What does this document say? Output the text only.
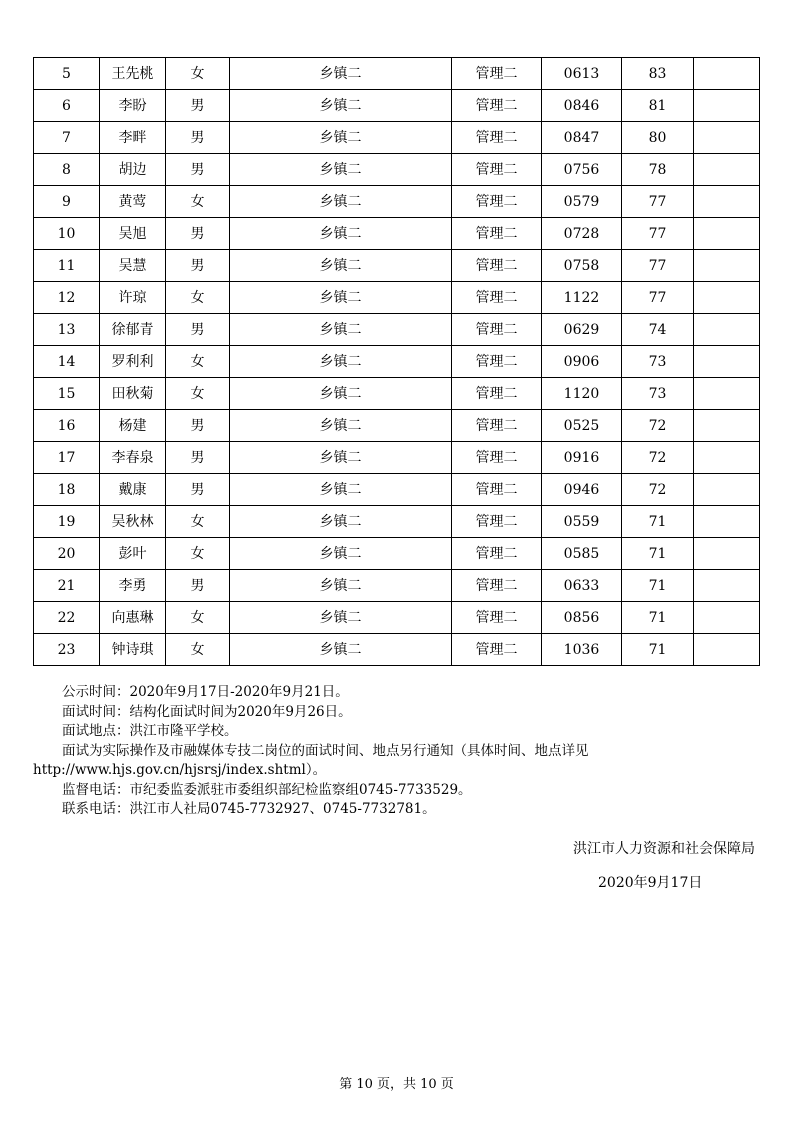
5	王先桃	女	乡镇二	管理二	0613	83	
6	李盼	男	乡镇二	管理二	0846	81	
7	李畔	男	乡镇二	管理二	0847	80	
8	胡边	男	乡镇二	管理二	0756	78	
9	黄莺	女	乡镇二	管理二	0579	77	
10	吴旭	男	乡镇二	管理二	0728	77	
11	吴慧	男	乡镇二	管理二	0758	77	
12	许琼	女	乡镇二	管理二	1122	77	
13	徐郁青	男	乡镇二	管理二	0629	74	
14	罗利利	女	乡镇二	管理二	0906	73	
15	田秋菊	女	乡镇二	管理二	1120	73	
16	杨建	男	乡镇二	管理二	0525	72	
17	李春泉	男	乡镇二	管理二	0916	72	
18	戴康	男	乡镇二	管理二	0946	72	
19	吴秋林	女	乡镇二	管理二	0559	71	
20	彭叶	女	乡镇二	管理二	0585	71	
21	李勇	男	乡镇二	管理二	0633	71	
22	向惠琳	女	乡镇二	管理二	0856	71	
23	钟诗琪	女	乡镇二	管理二	1036	71	

公示时间：2020年9月17日-2020年9月21日。

面试时间：结构化面试时间为2020年9月26日。

面试地点：洪江市隆平学校。

面试为实际操作及市融媒体专技二岗位的面试时间、地点另行通知（具体时间、地点详见

http://www.hjs.gov.cn/hjsrsj/index.shtml）。

监督电话：市纪委监委派驻市委组织部纪检监察组0745-7733529。

联系电话：洪江市人社局0745-7732927、0745-7732781。

洪江市人力资源和社会保障局
2020年9月17日
第 10 页，共 10 页
